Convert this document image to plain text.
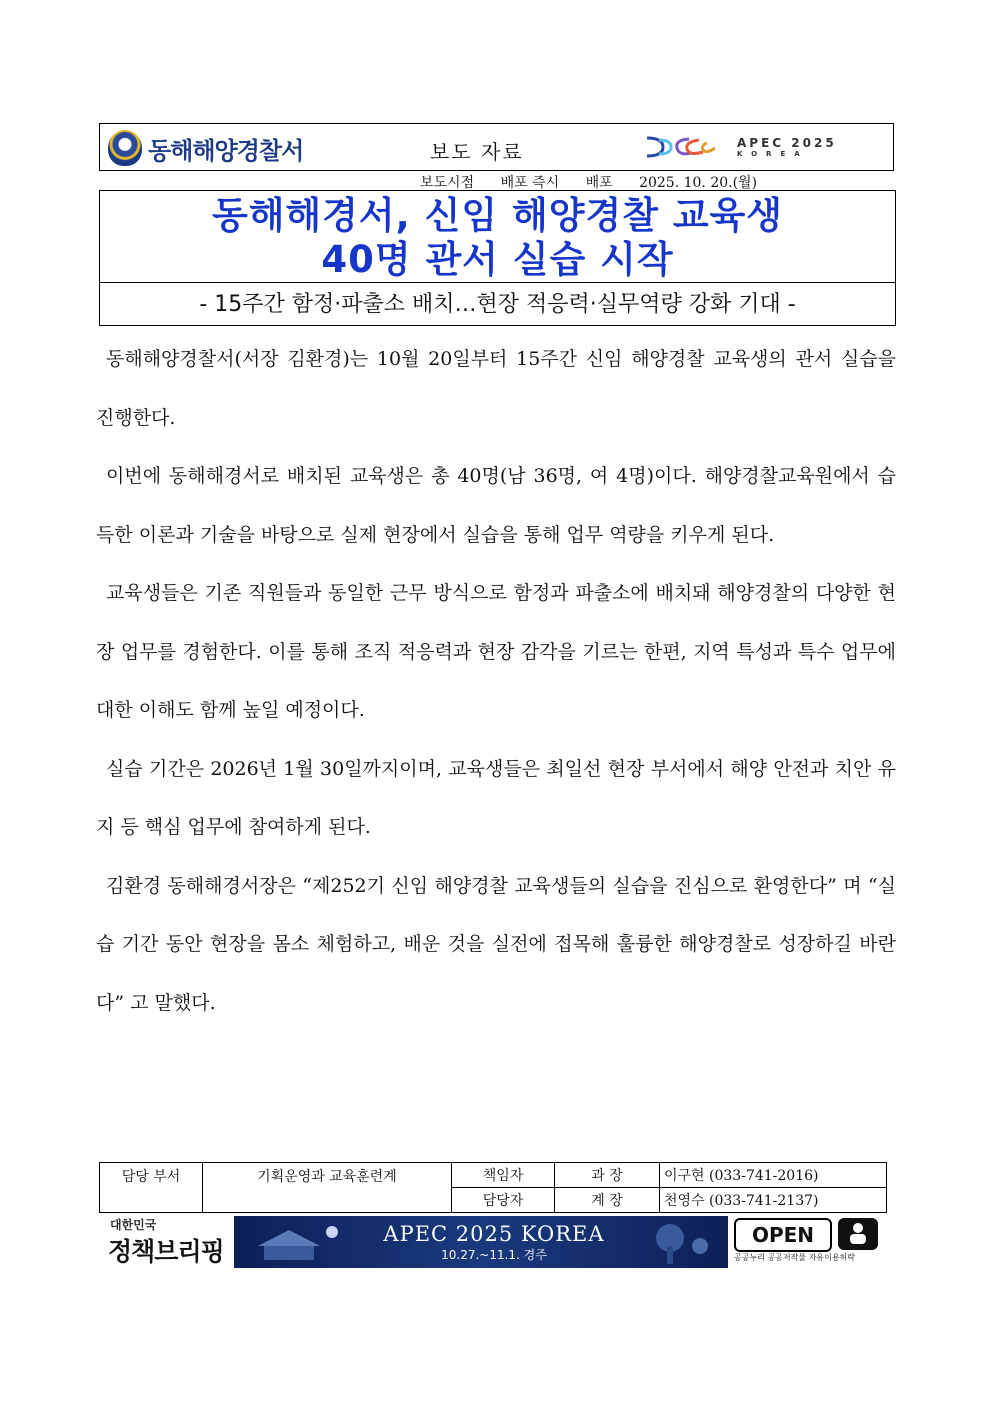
동해해양경찰서	보도 자료	APEC 2025
KOREA
보도시점 배포 즉시 배포 2025. 10. 20.(월)
동해해경서, 신임 해양경찰 교육생
40명 관서 실습 시작
- 15주간 함정·파출소 배치…현장 적응력·실무역량 강화 기대 -

동해해양경찰서(서장 김환경)는 10월 20일부터 15주간 신임 해양경찰 교육생의 관서 실습을 진행한다.

이번에 동해해경서로 배치된 교육생은 총 40명(남 36명, 여 4명)이다. 해양경찰교육원에서 습득한 이론과 기술을 바탕으로 실제 현장에서 실습을 통해 업무 역량을 키우게 된다.

교육생들은 기존 직원들과 동일한 근무 방식으로 함정과 파출소에 배치돼 해양경찰의 다양한 현장 업무를 경험한다. 이를 통해 조직 적응력과 현장 감각을 기르는 한편, 지역 특성과 특수 업무에 대한 이해도 함께 높일 예정이다.

실습 기간은 2026년 1월 30일까지이며, 교육생들은 최일선 현장 부서에서 해양 안전과 치안 유지 등 핵심 업무에 참여하게 된다.

김환경 동해해경서장은 “제252기 신임 해양경찰 교육생들의 실습을 진심으로 환영한다” 며 “실습 기간 동안 현장을 몸소 체험하고, 배운 것을 실전에 접목해 훌륭한 해양경찰로 성장하길 바란다” 고 말했다.

담당 부서	기획운영과 교육훈련계	책임자	과 장	이구현 (033-741-2016)
		담당자	계 장	천영수 (033-741-2137)
대한민국
정책브리핑
APEC 2025 KOREA
10.27.~11.1. 경주
OPEN
공공누리 공공저작물 자유이용허락
